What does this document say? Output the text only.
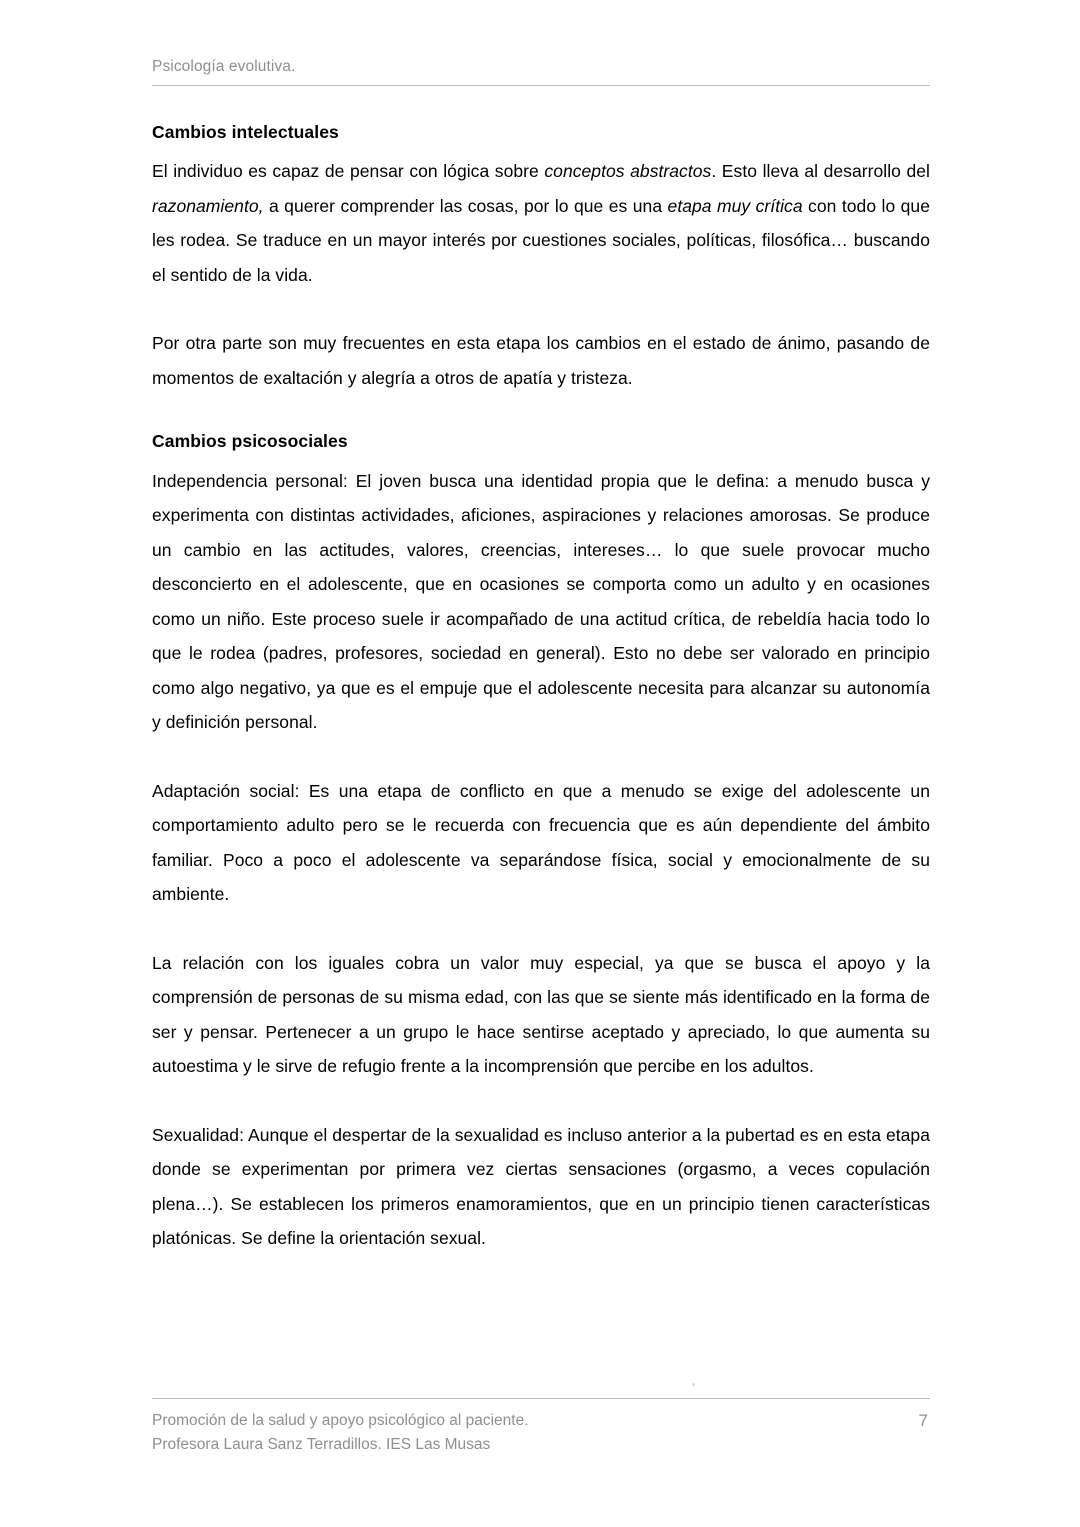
Psicología evolutiva.
Cambios intelectuales

El individuo es capaz de pensar con lógica sobre conceptos abstractos. Esto lleva al desarrollo del razonamiento, a querer comprender las cosas, por lo que es una etapa muy crítica con todo lo que les rodea. Se traduce en un mayor interés por cuestiones sociales, políticas, filosófica… buscando el sentido de la vida.

Por otra parte son muy frecuentes en esta etapa los cambios en el estado de ánimo, pasando de momentos de exaltación y alegría a otros de apatía y tristeza.

Cambios psicosociales

Independencia personal: El joven busca una identidad propia que le defina: a menudo busca y experimenta con distintas actividades, aficiones, aspiraciones y relaciones amorosas. Se produce un cambio en las actitudes, valores, creencias, intereses… lo que suele provocar mucho desconcierto en el adolescente, que en ocasiones se comporta como un adulto y en ocasiones como un niño. Este proceso suele ir acompañado de una actitud crítica, de rebeldía hacia todo lo que le rodea (padres, profesores, sociedad en general). Esto no debe ser valorado en principio como algo negativo, ya que es el empuje que el adolescente necesita para alcanzar su autonomía y definición personal.

Adaptación social: Es una etapa de conflicto en que a menudo se exige del adolescente un comportamiento adulto pero se le recuerda con frecuencia que es aún dependiente del ámbito familiar. Poco a poco el adolescente va separándose física, social y emocionalmente de su ambiente.

La relación con los iguales cobra un valor muy especial, ya que se busca el apoyo y la comprensión de personas de su misma edad, con las que se siente más identificado en la forma de ser y pensar. Pertenecer a un grupo le hace sentirse aceptado y apreciado, lo que aumenta su autoestima y le sirve de refugio frente a la incomprensión que percibe en los adultos.

Sexualidad: Aunque el despertar de la sexualidad es incluso anterior a la pubertad es en esta etapa donde se experimentan por primera vez ciertas sensaciones (orgasmo, a veces copulación plena…). Se establecen los primeros enamoramientos, que en un principio tienen características platónicas. Se define la orientación sexual.

Promoción de la salud y apoyo psicológico al paciente.
Profesora Laura Sanz Terradillos. IES Las Musas
7
